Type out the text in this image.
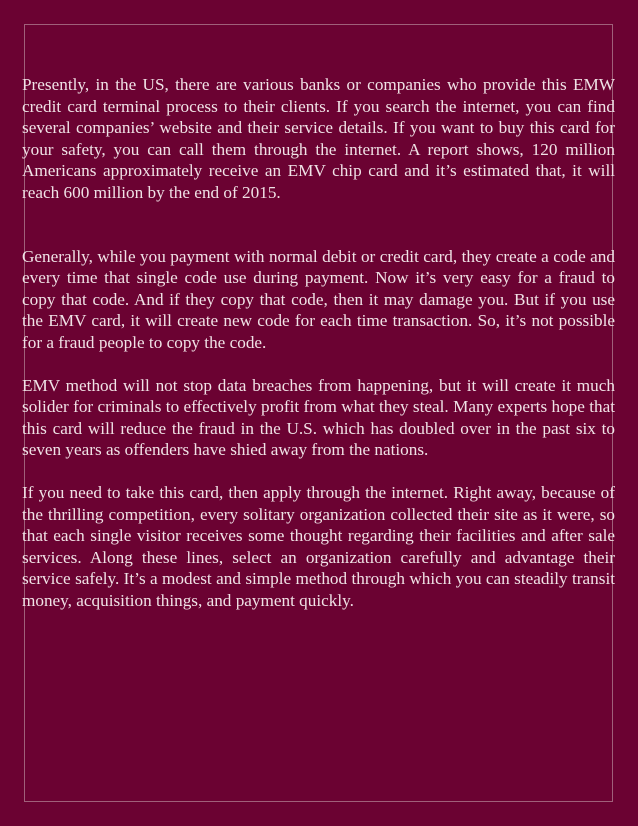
Presently, in the US, there are various banks or companies who provide this EMW credit card terminal process to their clients. If you search the internet, you can find several companies’ website and their service details. If you want to buy this card for your safety, you can call them through the internet. A report shows, 120 million Americans approximately receive an EMV chip card and it’s estimated that, it will reach 600 million by the end of 2015.

Generally, while you payment with normal debit or credit card, they create a code and every time that single code use during payment. Now it’s very easy for a fraud to copy that code. And if they copy that code, then it may damage you. But if you use the EMV card, it will create new code for each time transaction. So, it’s not possible for a fraud people to copy the code.

EMV method will not stop data breaches from happening, but it will create it much solider for criminals to effectively profit from what they steal. Many experts hope that this card will reduce the fraud in the U.S. which has doubled over in the past six to seven years as offenders have shied away from the nations.

If you need to take this card, then apply through the internet. Right away, because of the thrilling competition, every solitary organization collected their site as it were, so that each single visitor receives some thought regarding their facilities and after sale services. Along these lines, select an organization carefully and advantage their service safely. It’s a modest and simple method through which you can steadily transit money, acquisition things, and payment quickly.
